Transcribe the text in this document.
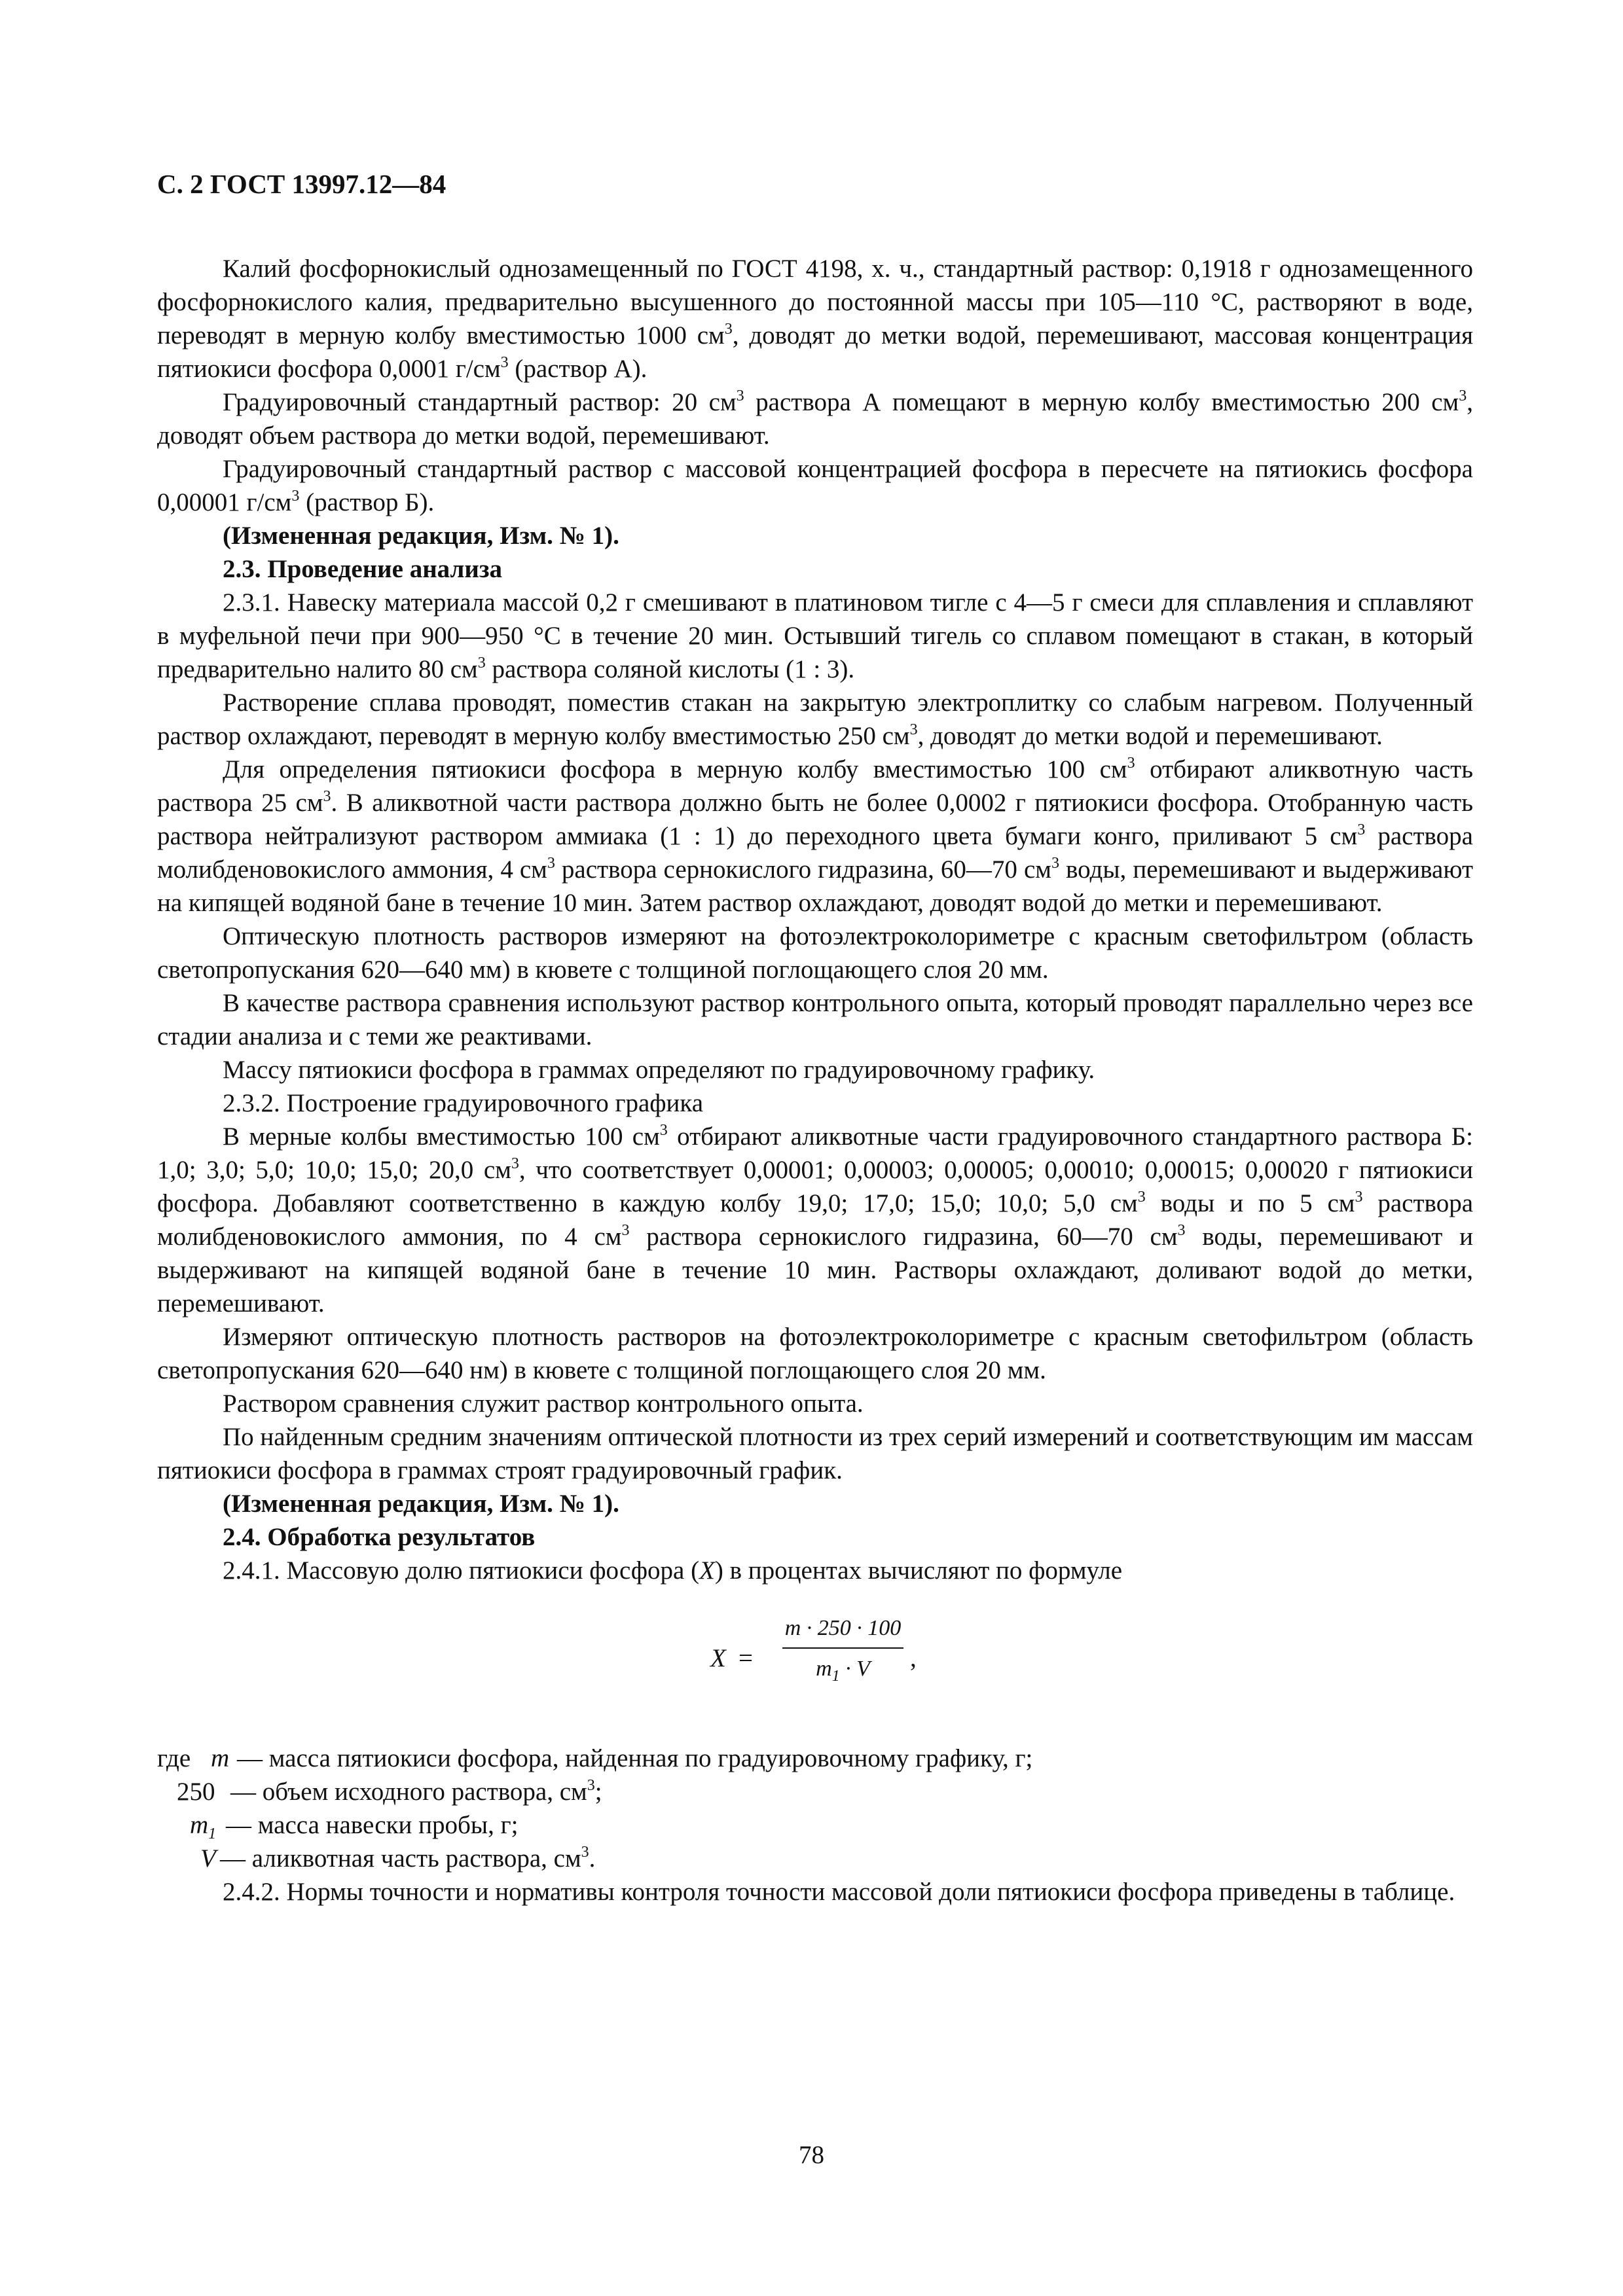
С. 2 ГОСТ 13997.12—84

Калий фосфорнокислый однозамещенный по ГОСТ 4198, х. ч., стандартный раствор: 0,1918 г однозамещенного фосфорнокислого калия, предварительно высушенного до постоянной массы при 105—110 °С, растворяют в воде, переводят в мерную колбу вместимостью 1000 $см^3$, доводят до метки водой, перемешивают, массовая концентрация пятиокиси фосфора 0,0001 $г/см^3$ (раствор А).

Градуировочный стандартный раствор: 20 $см^3$ раствора А помещают в мерную колбу вместимостью 200 $см^3$, доводят объем раствора до метки водой, перемешивают.

Градуировочный стандартный раствор с массовой концентрацией фосфора в пересчете на пятиокись фосфора 0,00001 $г/см^3$ (раствор Б).

(Измененная редакция, Изм. № 1).

2.3. Проведение анализа

2.3.1. Навеску материала массой 0,2 г смешивают в платиновом тигле с 4—5 г смеси для сплавления и сплавляют в муфельной печи при 900—950 °С в течение 20 мин. Остывший тигель со сплавом помещают в стакан, в который предварительно налито 80 $см^3$ раствора соляной кислоты (1 : 3).

Растворение сплава проводят, поместив стакан на закрытую электроплитку со слабым нагревом. Полученный раствор охлаждают, переводят в мерную колбу вместимостью 250 $см^3$, доводят до метки водой и перемешивают.

Для определения пятиокиси фосфора в мерную колбу вместимостью 100 $см^3$ отбирают аликвотную часть раствора 25 $см^3$. В аликвотной части раствора должно быть не более 0,0002 г пятиокиси фосфора. Отобранную часть раствора нейтрализуют раствором аммиака (1 : 1) до переходного цвета бумаги конго, приливают 5 $см^3$ раствора молибденовокислого аммония, 4 $см^3$ раствора сернокислого гидразина, 60—70 $см^3$ воды, перемешивают и выдерживают на кипящей водяной бане в течение 10 мин. Затем раствор охлаждают, доводят водой до метки и перемешивают.

Оптическую плотность растворов измеряют на фотоэлектроколориметре с красным светофильтром (область светопропускания 620—640 мм) в кювете с толщиной поглощающего слоя 20 мм.

В качестве раствора сравнения используют раствор контрольного опыта, который проводят параллельно через все стадии анализа и с теми же реактивами.

Массу пятиокиси фосфора в граммах определяют по градуировочному графику.

2.3.2. Построение градуировочного графика

В мерные колбы вместимостью 100 $см^3$ отбирают аликвотные части градуировочного стандартного раствора Б: 1,0; 3,0; 5,0; 10,0; 15,0; 20,0 $см^3$, что соответствует 0,00001; 0,00003; 0,00005; 0,00010; 0,00015; 0,00020 г пятиокиси фосфора. Добавляют соответственно в каждую колбу 19,0; 17,0; 15,0; 10,0; 5,0 $см^3$ воды и по 5 $см^3$ раствора молибденовокислого аммония, по 4 $см^3$ раствора сернокислого гидразина, 60—70 $см^3$ воды, перемешивают и выдерживают на кипящей водяной бане в течение 10 мин. Растворы охлаждают, доливают водой до метки, перемешивают.

Измеряют оптическую плотность растворов на фотоэлектроколориметре с красным светофильтром (область светопропускания 620—640 нм) в кювете с толщиной поглощающего слоя 20 мм.

Раствором сравнения служит раствор контрольного опыта.

По найденным средним значениям оптической плотности из трех серий измерений и соответствующим им массам пятиокиси фосфора в граммах строят градуировочный график.

(Измененная редакция, Изм. № 1).

2.4. Обработка результатов

2.4.1. Массовую долю пятиокиси фосфора (X) в процентах вычисляют по формуле

X =
m · 250 · 100
$m_1 \cdot V$	,
где m — масса пятиокиси фосфора, найденная по градуировочному графику, г;
250 — объем исходного раствора, $см^3$;
$m_1$ — масса навески пробы, г;
V — аликвотная часть раствора, $см^3$.

2.4.2. Нормы точности и нормативы контроля точности массовой доли пятиокиси фосфора приведены в таблице.

78
